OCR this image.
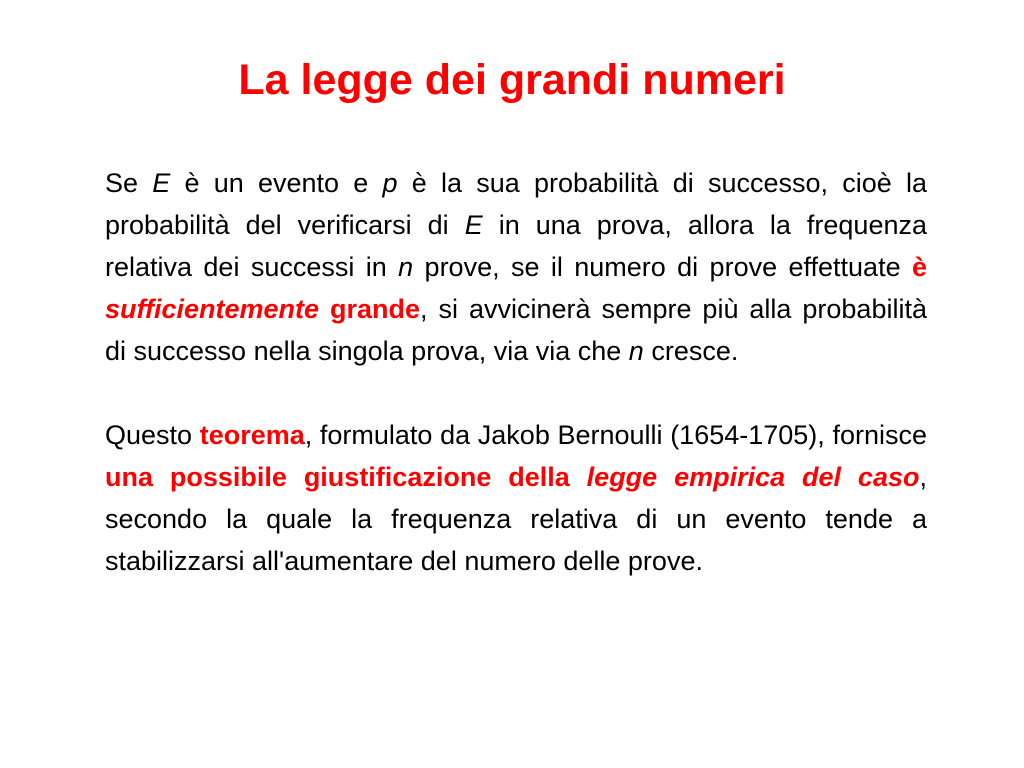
La legge dei grandi numeri

Se E è un evento e p è la sua probabilità di successo, cioè la probabilità del verificarsi di E in una prova, allora la frequenza relativa dei successi in n prove, se il numero di prove effettuate è sufficientemente grande, si avvicinerà sempre più alla probabilità di successo nella singola prova, via via che n cresce.

Questo teorema, formulato da Jakob Bernoulli (1654-1705), fornisce una possibile giustificazione della legge empirica del caso, secondo la quale la frequenza relativa di un evento tende a stabilizzarsi all'aumentare del numero delle prove.
